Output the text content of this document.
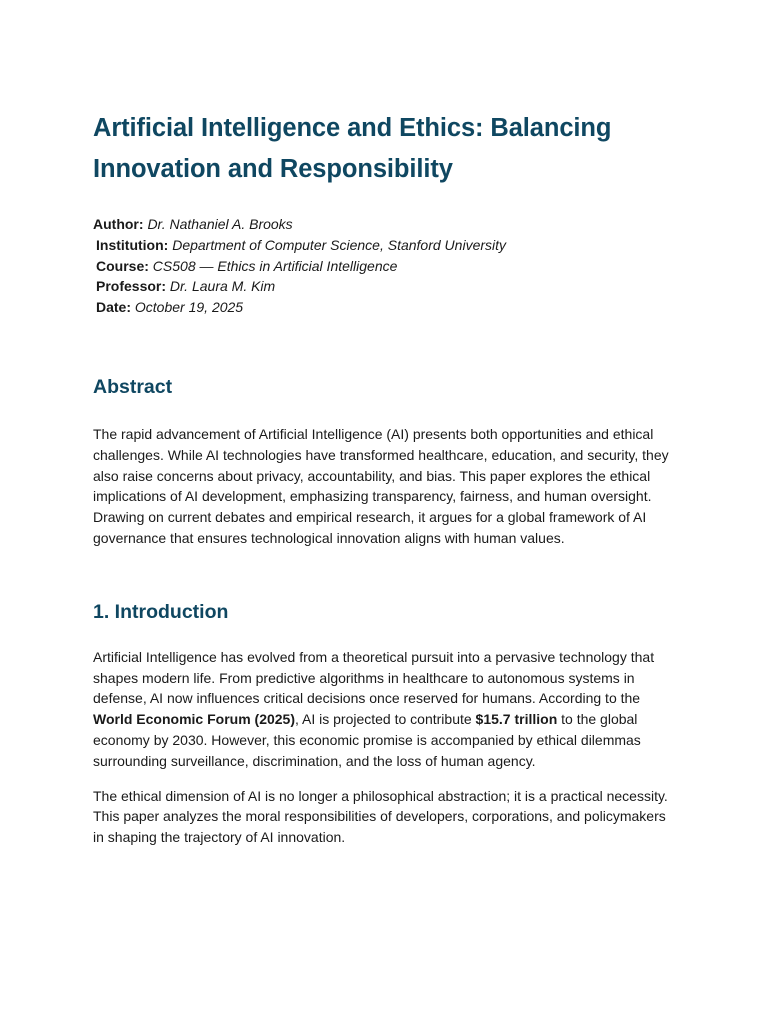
Artificial Intelligence and Ethics: Balancing Innovation and Responsibility
Author: Dr. Nathaniel A. Brooks
Institution: Department of Computer Science, Stanford University
Course: CS508 — Ethics in Artificial Intelligence
Professor: Dr. Laura M. Kim
Date: October 19, 2025
Abstract

The rapid advancement of Artificial Intelligence (AI) presents both opportunities and ethical challenges. While AI technologies have transformed healthcare, education, and security, they also raise concerns about privacy, accountability, and bias. This paper explores the ethical implications of AI development, emphasizing transparency, fairness, and human oversight. Drawing on current debates and empirical research, it argues for a global framework of AI governance that ensures technological innovation aligns with human values.

1. Introduction

Artificial Intelligence has evolved from a theoretical pursuit into a pervasive technology that shapes modern life. From predictive algorithms in healthcare to autonomous systems in defense, AI now influences critical decisions once reserved for humans. According to the World Economic Forum (2025), AI is projected to contribute $15.7 trillion to the global economy by 2030. However, this economic promise is accompanied by ethical dilemmas surrounding surveillance, discrimination, and the loss of human agency.

The ethical dimension of AI is no longer a philosophical abstraction; it is a practical necessity. This paper analyzes the moral responsibilities of developers, corporations, and policymakers in shaping the trajectory of AI innovation.
